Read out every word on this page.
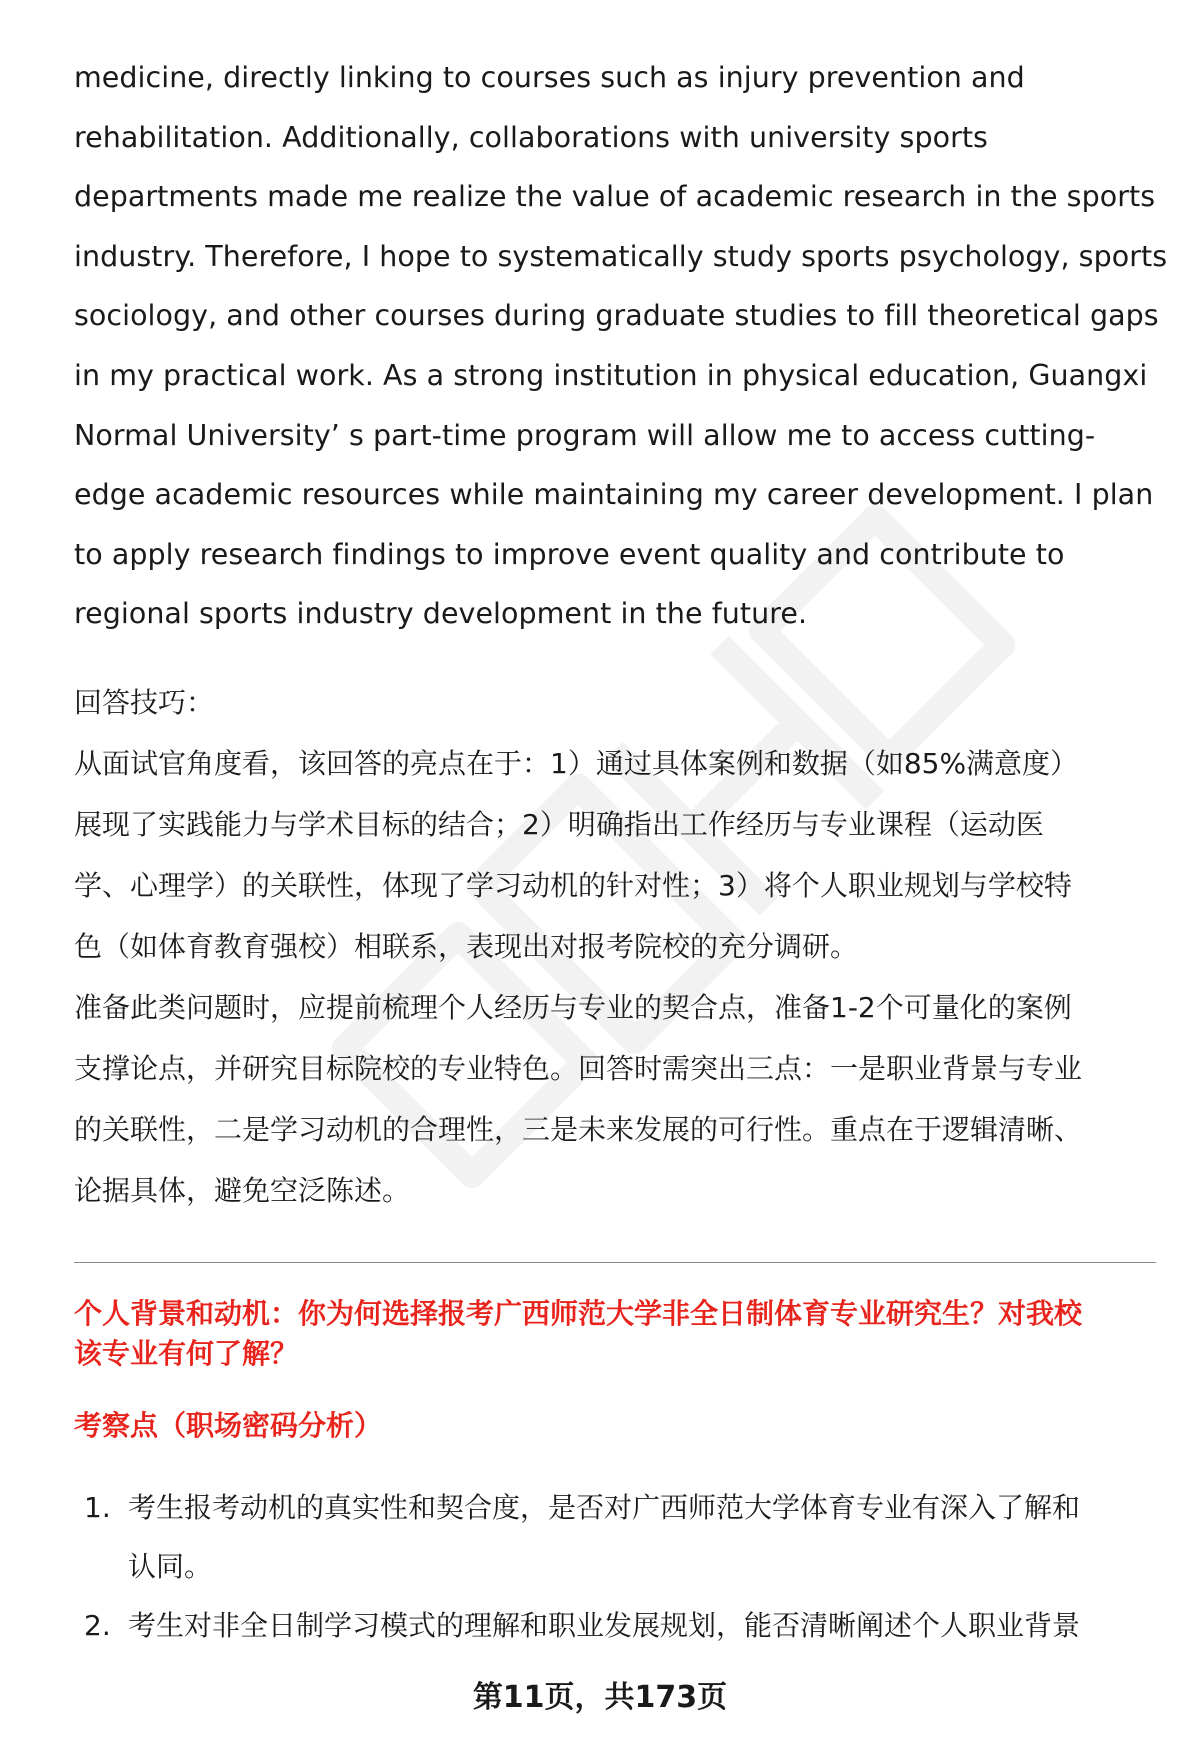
medicine, directly linking to courses such as injury prevention and
rehabilitation. Additionally, collaborations with university sports
departments made me realize the value of academic research in the sports
industry. Therefore, I hope to systematically study sports psychology, sports
sociology, and other courses during graduate studies to fill theoretical gaps
in my practical work. As a strong institution in physical education, Guangxi
Normal University’ s part-time program will allow me to access cutting-
edge academic resources while maintaining my career development. I plan
to apply research findings to improve event quality and contribute to
regional sports industry development in the future.
回答技巧：
从面试官角度看，该回答的亮点在于：1）通过具体案例和数据（如85%满意度）
展现了实践能力与学术目标的结合；2）明确指出工作经历与专业课程（运动医
学、心理学）的关联性，体现了学习动机的针对性；3）将个人职业规划与学校特
色（如体育教育强校）相联系，表现出对报考院校的充分调研。
准备此类问题时，应提前梳理个人经历与专业的契合点，准备1-2个可量化的案例
支撑论点，并研究目标院校的专业特色。回答时需突出三点：一是职业背景与专业
的关联性，二是学习动机的合理性，三是未来发展的可行性。重点在于逻辑清晰、
论据具体，避免空泛陈述。
个人背景和动机：你为何选择报考广西师范大学非全日制体育专业研究生？对我校
该专业有何了解？
考察点（职场密码分析）
1. 考生报考动机的真实性和契合度，是否对广西师范大学体育专业有深入了解和
认同。
2. 考生对非全日制学习模式的理解和职业发展规划，能否清晰阐述个人职业背景
第11页，共173页
